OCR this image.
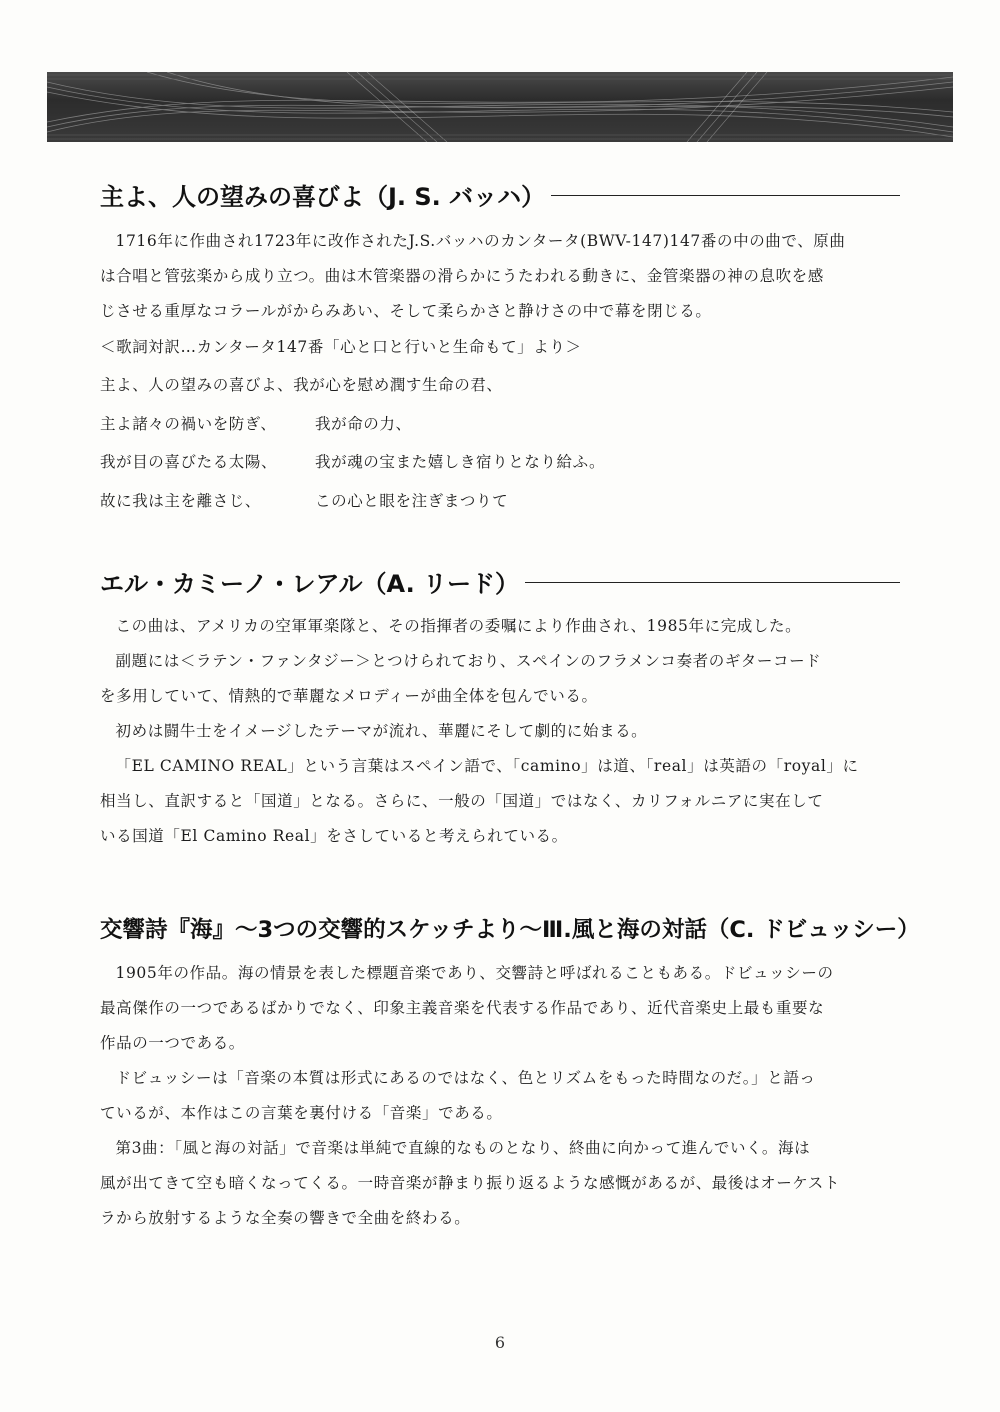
主よ、人の望みの喜びよ（J. S. バッハ）

1716年に作曲され1723年に改作されたJ.S.バッハのカンタータ(BWV-147)147番の中の曲で、原曲

は合唱と管弦楽から成り立つ。曲は木管楽器の滑らかにうたわれる動きに、金管楽器の神の息吹を感

じさせる重厚なコラールがからみあい、そして柔らかさと静けさの中で幕を閉じる。

＜歌詞対訳…カンタータ147番「心と口と行いと生命もて」より＞

主よ、人の望みの喜びよ、我が心を慰め潤す生命の君、

主よ諸々の禍いを防ぎ、	我が命の力、
我が目の喜びたる太陽、	我が魂の宝また嬉しき宿りとなり給ふ。
故に我は主を離さじ、	この心と眼を注ぎまつりて
エル・カミーノ・レアル（A. リード）

この曲は、アメリカの空軍軍楽隊と、その指揮者の委嘱により作曲され、1985年に完成した。

副題には＜ラテン・ファンタジー＞とつけられており、スペインのフラメンコ奏者のギターコード

を多用していて、情熱的で華麗なメロディーが曲全体を包んでいる。

初めは闘牛士をイメージしたテーマが流れ、華麗にそして劇的に始まる。

「EL CAMINO REAL」という言葉はスペイン語で、「camino」は道、「real」は英語の「royal」に

相当し、直訳すると「国道」となる。さらに、一般の「国道」ではなく、カリフォルニアに実在して

いる国道「El Camino Real」をさしていると考えられている。

交響詩『海』～3つの交響的スケッチより～Ⅲ.風と海の対話（C. ドビュッシー）

1905年の作品。海の情景を表した標題音楽であり、交響詩と呼ばれることもある。ドビュッシーの

最高傑作の一つであるばかりでなく、印象主義音楽を代表する作品であり、近代音楽史上最も重要な

作品の一つである。

ドビュッシーは「音楽の本質は形式にあるのではなく、色とリズムをもった時間なのだ。」と語っ

ているが、本作はこの言葉を裏付ける「音楽」である。

第3曲：「風と海の対話」で音楽は単純で直線的なものとなり、終曲に向かって進んでいく。海は

風が出てきて空も暗くなってくる。一時音楽が静まり振り返るような感慨があるが、最後はオーケスト

ラから放射するような全奏の響きで全曲を終わる。

6
